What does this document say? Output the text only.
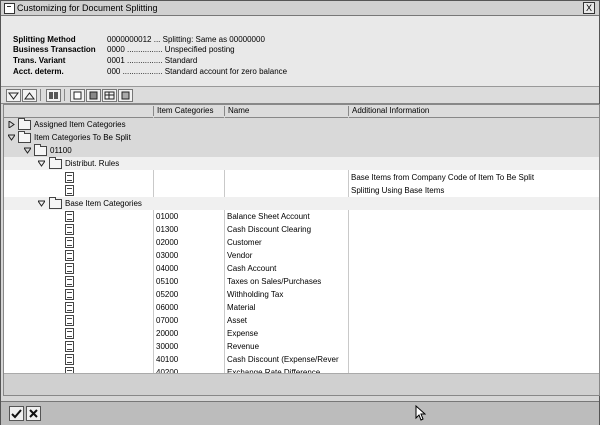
Customizing for Document Splitting	X
Splitting Method	0000000012 ... Splitting: Same as 00000000
Business Transaction 0000 ................ Unspecified posting
Trans. Variant	0001 ................ Standard
Acct. determ.	000 .................. Standard account for zero balance
Item Categories	Name	Additional Information
Assigned Item Categories
Item Categories To Be Split
01100
Distribut. Rules
Base Items from Company Code of Item To Be Split
Splitting Using Base Items
Base Item Categories
01000	Balance Sheet Account
01300	Cash Discount Clearing
02000	Customer
03000	Vendor
04000	Cash Account
05100	Taxes on Sales/Purchases
05200	Withholding Tax
06000	Material
07000	Asset
20000	Expense
30000	Revenue
40100	Cash Discount (Expense/Rever
